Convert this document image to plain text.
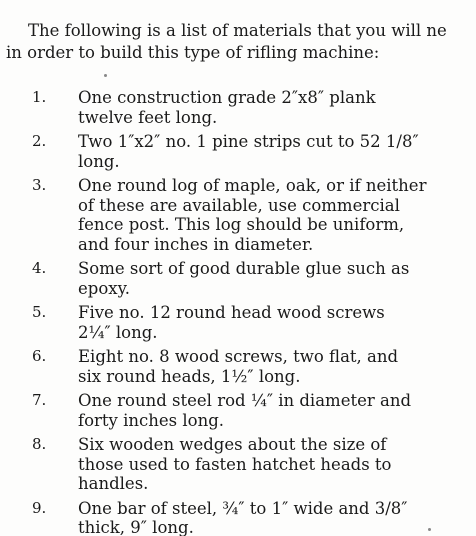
The following is a list of materials that you will ne
in order to build this type of rifling machine:
1.	One construction grade 2″x8″ plank
twelve feet long.
2.	Two 1″x2″ no. 1 pine strips cut to 52 1/8″
long.
3.	One round log of maple, oak, or if neither
of these are available, use commercial
fence post. This log should be uniform,
and four inches in diameter.
4.	Some sort of good durable glue such as
epoxy.
5.	Five no. 12 round head wood screws
2¼″ long.
6.	Eight no. 8 wood screws, two flat, and
six round heads, 1½″ long.
7.	One round steel rod ¼″ in diameter and
forty inches long.
8.	Six wooden wedges about the size of
those used to fasten hatchet heads to
handles.
9.	One bar of steel, ¾″ to 1″ wide and 3/8″
thick, 9″ long.
